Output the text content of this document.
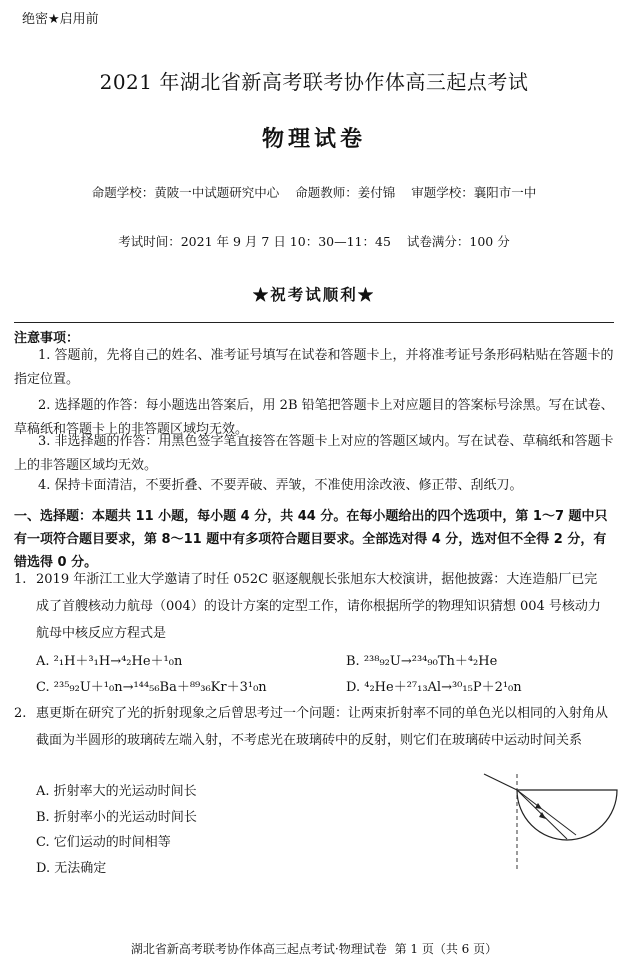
绝密★启用前
2021 年湖北省新高考联考协作体高三起点考试
物理试卷
命题学校：黄陂一中试题研究中心 命题教师：姜付锦 审题学校：襄阳市一中
考试时间：2021 年 9 月 7 日 10：30—11：45 试卷满分：100 分
★祝考试顺利★
注意事项：
1. 答题前，先将自己的姓名、准考证号填写在试卷和答题卡上，并将准考证号条形码粘贴在答题卡的指定位置。
2. 选择题的作答：每小题选出答案后，用 2B 铅笔把答题卡上对应题目的答案标号涂黑。写在试卷、草稿纸和答题卡上的非答题区域均无效。
3. 非选择题的作答：用黑色签字笔直接答在答题卡上对应的答题区域内。写在试卷、草稿纸和答题卡上的非答题区域均无效。
4. 保持卡面清洁，不要折叠、不要弄破、弄皱，不准使用涂改液、修正带、刮纸刀。
一、选择题：本题共 11 小题，每小题 4 分，共 44 分。在每小题给出的四个选项中，第 1～7 题中只有一项符合题目要求，第 8～11 题中有多项符合题目要求。全部选对得 4 分，选对但不全得 2 分，有错选得 0 分。
1. 2019 年浙江工业大学邀请了时任 052C 驱逐舰舰长张旭东大校演讲，据他披露：大连造船厂已完成了首艘核动力航母（004）的设计方案的定型工作，请你根据所学的物理知识猜想 004 号核动力航母中核反应方程式是
A. ²₁H＋³₁H→⁴₂He＋¹₀n	B. ²³⁸₉₂U→²³⁴₉₀Th＋⁴₂He
C. ²³⁵₉₂U＋¹₀n→¹⁴⁴₅₆Ba＋⁸⁹₃₆Kr＋3¹₀n	D. ⁴₂He＋²⁷₁₃Al→³⁰₁₅P＋2¹₀n
2. 惠更斯在研究了光的折射现象之后曾思考过一个问题：让两束折射率不同的单色光以相同的入射角从截面为半圆形的玻璃砖左端入射，不考虑光在玻璃砖中的反射，则它们在玻璃砖中运动时间关系
A. 折射率大的光运动时间长
B. 折射率小的光运动时间长
C. 它们运动的时间相等
D. 无法确定
湖北省新高考联考协作体高三起点考试·物理试卷 第 1 页（共 6 页）
